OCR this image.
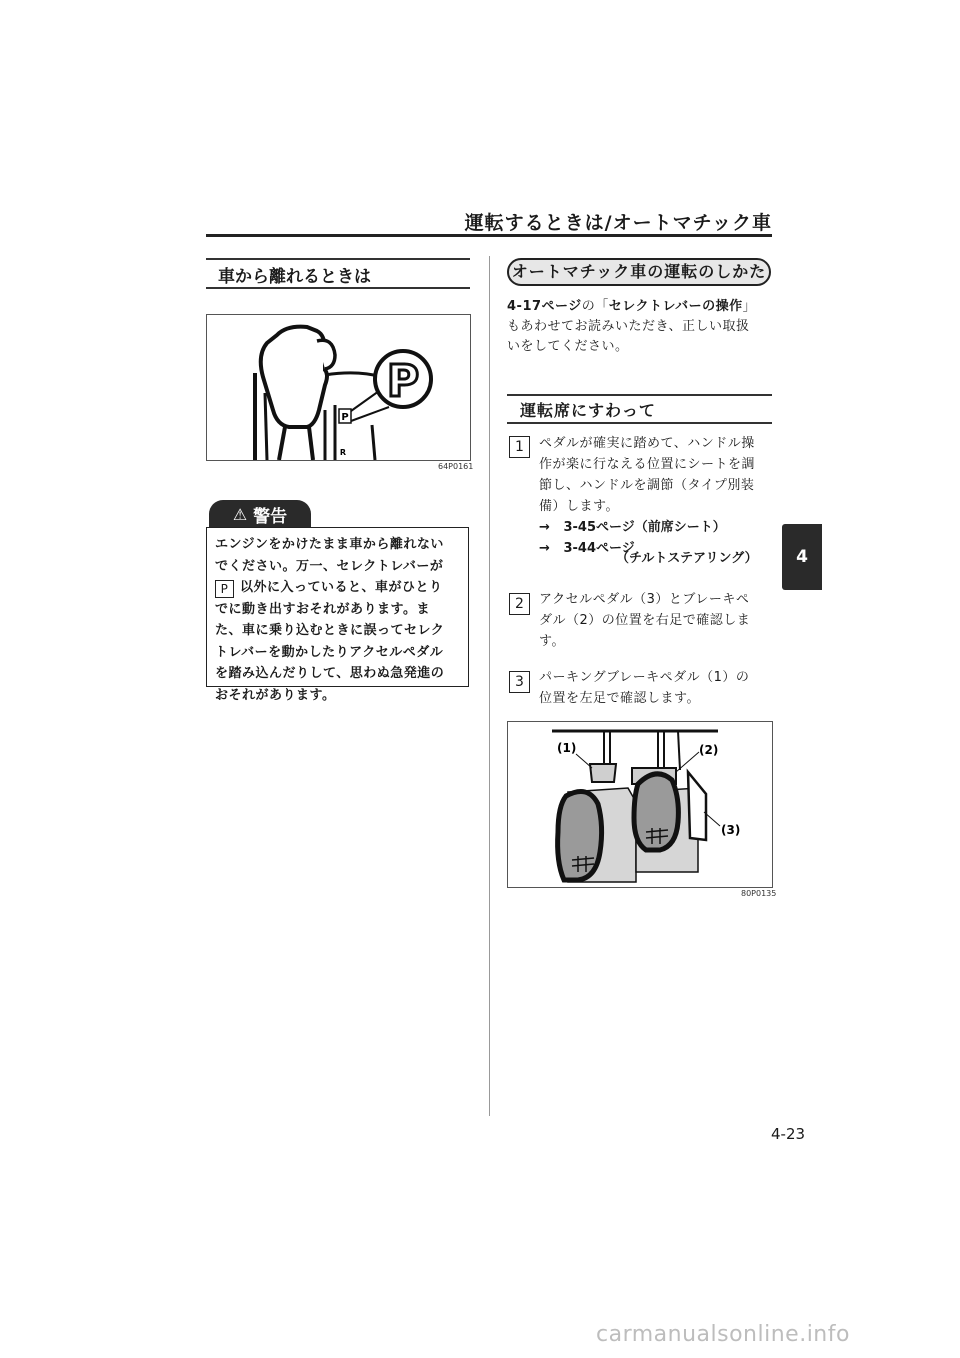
運転するときは/オートマチック車
4
車から離れるときは
P
R
P
64P0161
⚠ 警告

エンジンをかけたまま車から離れない

でください。万一、セレクトレバーが

P 以外に入っていると、車がひとり

でに動き出すおそれがあります。ま

た、車に乗り込むときに誤ってセレク

トレバーを動かしたりアクセルペダル

を踏み込んだりして、思わぬ急発進の

おそれがあります。

オートマチック車の運転のしかた
4-17ページの「セレクトレバーの操作」
もあわせてお読みいただき、正しい取扱
いをしてください。
運転席にすわって
1	ペダルが確実に踏めて、ハンドル操
作が楽に行なえる位置にシートを調
節し、ハンドルを調節（タイプ別装
備）します。
→ 3-45ページ（前席シート）
→ 3-44ページ
（チルトステアリング）
2	アクセルペダル（3）とブレーキペ
ダル（2）の位置を右足で確認しま
す。
3	パーキングブレーキペダル（1）の
位置を左足で確認します。
(1)	(2)
(3)
80P0135
4-23
carmanualsonline.info
